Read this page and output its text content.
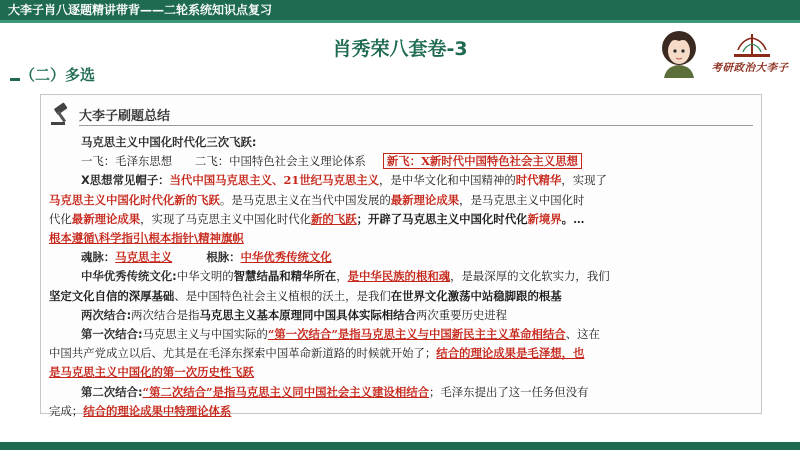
大李子肖八逐题精讲带背——二轮系统知识点复习
肖秀荣八套卷-3
（二）多选	考研政治大李子
大李子刷题总结
马克思主义中国化时代化三次飞跃:
一飞：毛泽东思想   二飞：中国特色社会主义理论体系   新飞：X新时代中国特色社会主义思想
X思想常见帽子：当代中国马克思主义、21世纪马克思主义，是中华文化和中国精神的时代精华，实现了
马克思主义中国化时代化新的飞跃。是马克思主义在当代中国发展的最新理论成果，是马克思主义中国化时
代化最新理论成果，实现了马克思主义中国化时代化新的飞跃；开辟了马克思主义中国化时代化新境界。…
根本遵循\科学指引\根本指针\精神旗帜
魂脉：马克思主义   	根脉：中华优秀传统文化
中华优秀传统文化:中华文明的智慧结晶和精华所在，是中华民族的根和魂，是最深厚的文化软实力，我们
坚定文化自信的深厚基础、是中国特色社会主义植根的沃土，是我们在世界文化激荡中站稳脚跟的根基
两次结合:两次结合是指马克思主义基本原理同中国具体实际相结合两次重要历史进程
第一次结合:马克思主义与中国实际的“第一次结合”是指马克思主义与中国新民主主义革命相结合、这在
中国共产党成立以后、尤其是在毛泽东探索中国革命新道路的时候就开始了；结合的理论成果是毛泽想，也
是马克思主义中国化的第一次历史性飞跃
第二次结合:“第二次结合”是指马克思主义同中国社会主义建设相结合；毛泽东提出了这一任务但没有
完成；结合的理论成果中特理论体系
